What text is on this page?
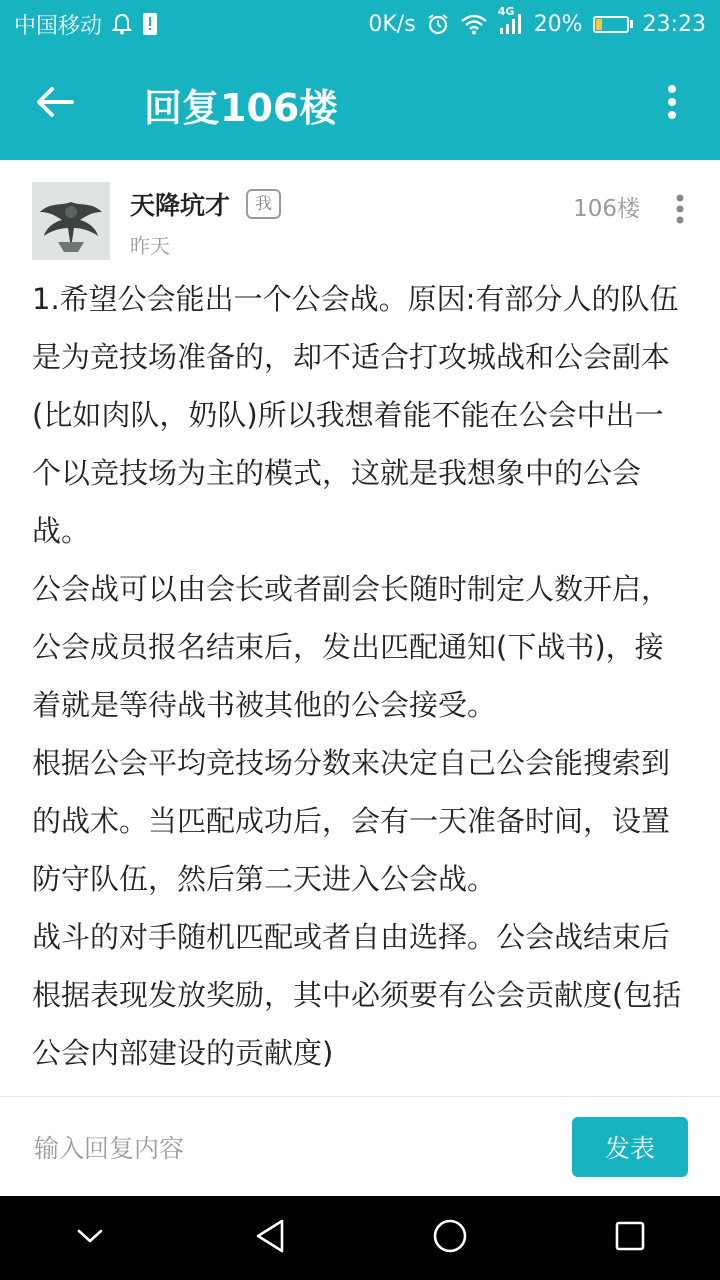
中国移动	0K/s	4G 20%	23:23
回复106楼
天降坑才	我
昨天
106楼

1.希望公会能出一个公会战。原因:有部分人的队伍是为竞技场准备的，却不适合打攻城战和公会副本(比如肉队，奶队)所以我想着能不能在公会中出一个以竞技场为主的模式，这就是我想象中的公会战。

公会战可以由会长或者副会长随时制定人数开启，公会成员报名结束后，发出匹配通知(下战书)，接着就是等待战书被其他的公会接受。

根据公会平均竞技场分数来决定自己公会能搜索到的战术。当匹配成功后，会有一天准备时间，设置防守队伍，然后第二天进入公会战。

战斗的对手随机匹配或者自由选择。公会战结束后根据表现发放奖励，其中必须要有公会贡献度(包括公会内部建设的贡献度)

输入回复内容
发表
